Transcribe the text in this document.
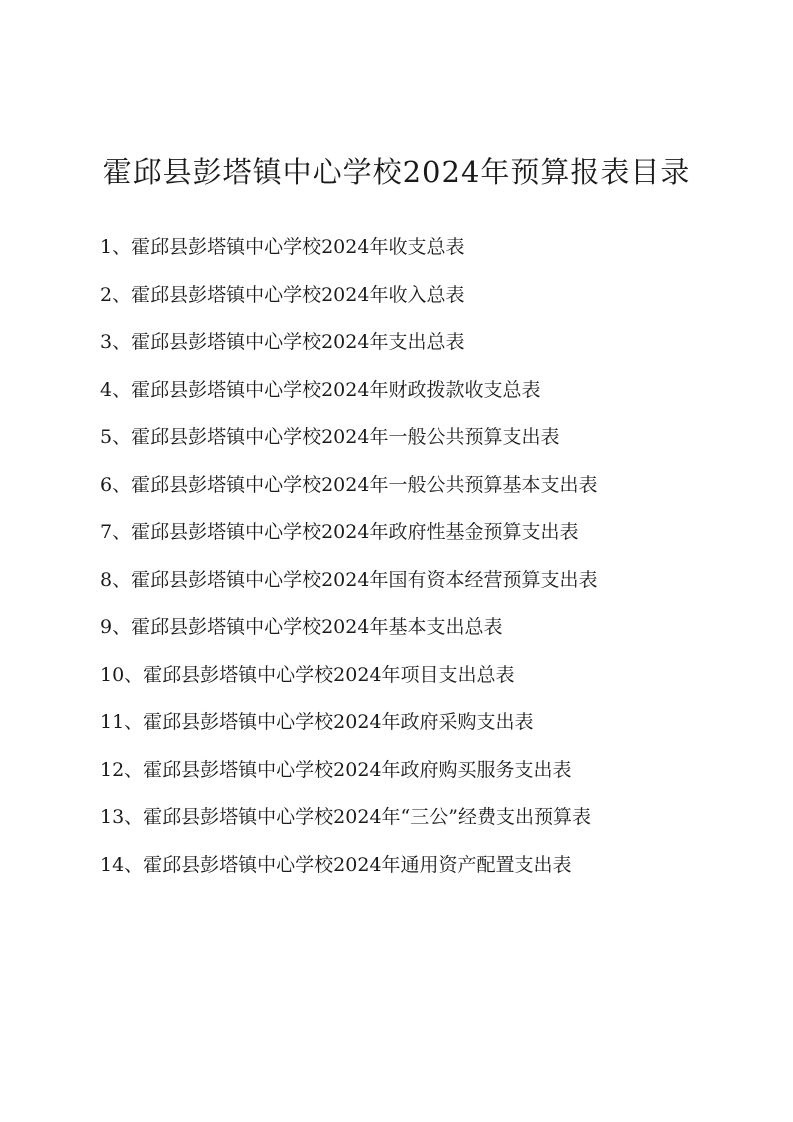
霍邱县彭塔镇中心学校2024年预算报表目录
1、霍邱县彭塔镇中心学校2024年收支总表
2、霍邱县彭塔镇中心学校2024年收入总表
3、霍邱县彭塔镇中心学校2024年支出总表
4、霍邱县彭塔镇中心学校2024年财政拨款收支总表
5、霍邱县彭塔镇中心学校2024年一般公共预算支出表
6、霍邱县彭塔镇中心学校2024年一般公共预算基本支出表
7、霍邱县彭塔镇中心学校2024年政府性基金预算支出表
8、霍邱县彭塔镇中心学校2024年国有资本经营预算支出表
9、霍邱县彭塔镇中心学校2024年基本支出总表
10、霍邱县彭塔镇中心学校2024年项目支出总表
11、霍邱县彭塔镇中心学校2024年政府采购支出表
12、霍邱县彭塔镇中心学校2024年政府购买服务支出表
13、霍邱县彭塔镇中心学校2024年“三公”经费支出预算表
14、霍邱县彭塔镇中心学校2024年通用资产配置支出表
